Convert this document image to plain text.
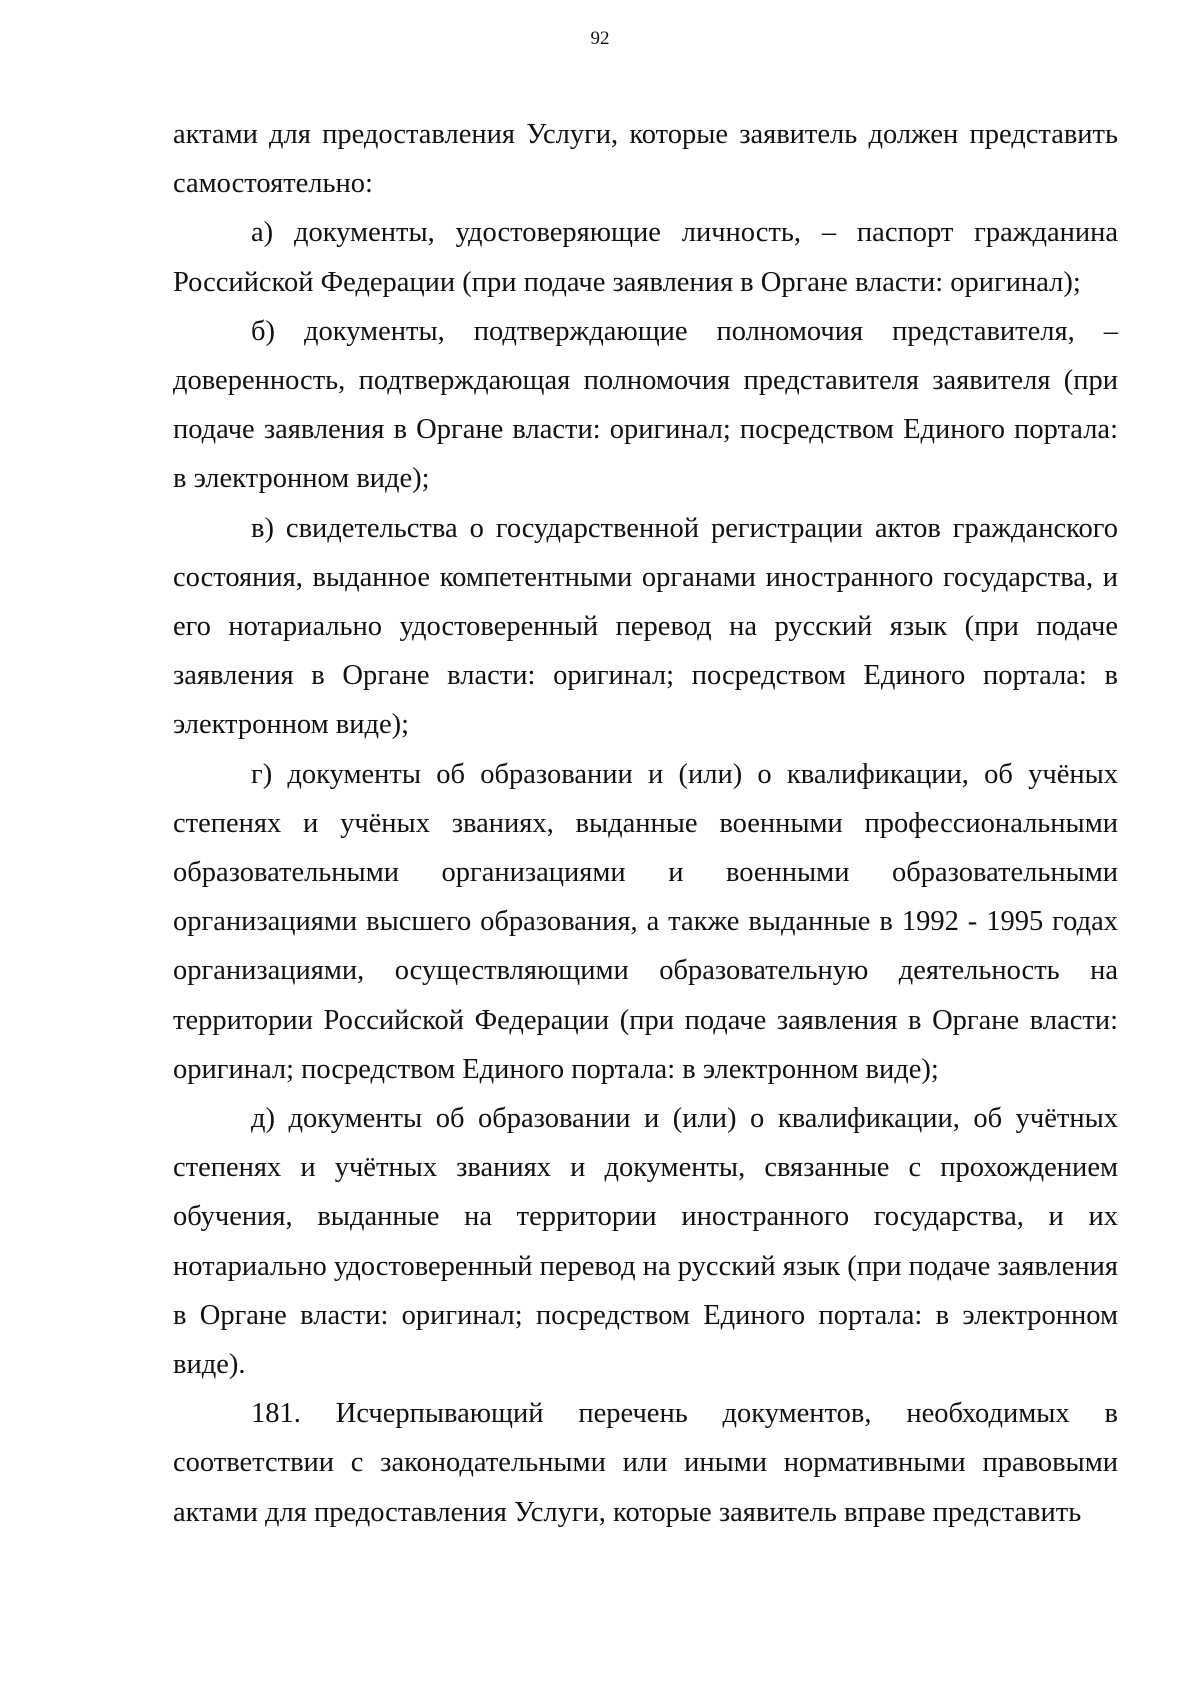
92

актами для предоставления Услуги, которые заявитель должен представить самостоятельно:

а) документы, удостоверяющие личность, – паспорт гражданина Российской Федерации (при подаче заявления в Органе власти: оригинал);

б) документы, подтверждающие полномочия представителя, – доверенность, подтверждающая полномочия представителя заявителя (при подаче заявления в Органе власти: оригинал; посредством Единого портала: в электронном виде);

в) свидетельства о государственной регистрации актов гражданского состояния, выданное компетентными органами иностранного государства, и его нотариально удостоверенный перевод на русский язык (при подаче заявления в Органе власти: оригинал; посредством Единого портала: в электронном виде);

г) документы об образовании и (или) о квалификации, об учёных степенях и учёных званиях, выданные военными профессиональными образовательными организациями и военными образовательными организациями высшего образования, а также выданные в 1992 - 1995 годах организациями, осуществляющими образовательную деятельность на территории Российской Федерации (при подаче заявления в Органе власти: оригинал; посредством Единого портала: в электронном виде);

д) документы об образовании и (или) о квалификации, об учётных степенях и учётных званиях и документы, связанные с прохождением обучения, выданные на территории иностранного государства, и их нотариально удостоверенный перевод на русский язык (при подаче заявления в Органе власти: оригинал; посредством Единого портала: в электронном виде).

181. Исчерпывающий перечень документов, необходимых в соответствии с законодательными или иными нормативными правовыми актами для предоставления Услуги, которые заявитель вправе представить
